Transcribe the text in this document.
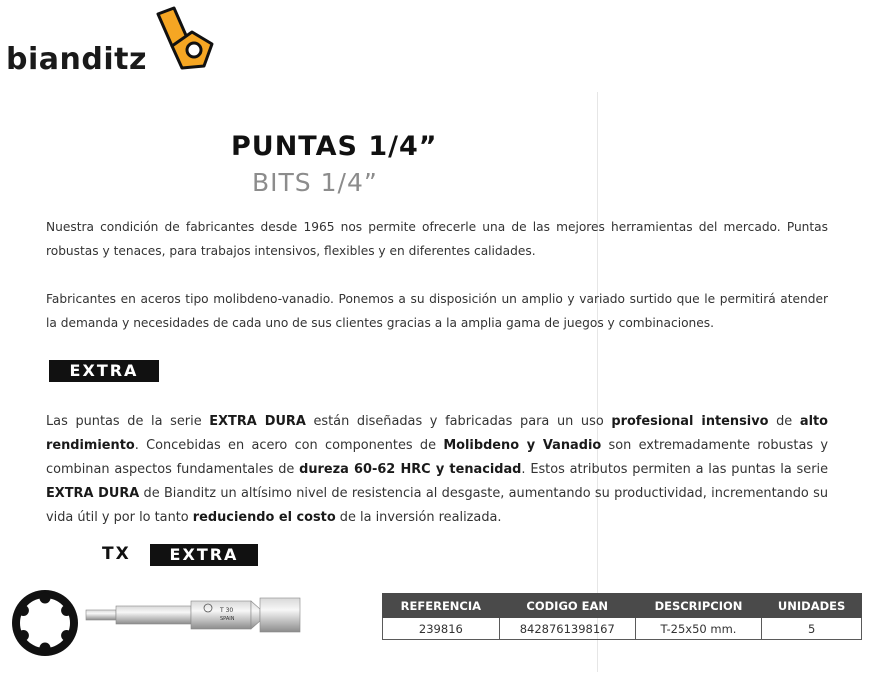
bianditz
PUNTAS 1/4”
BITS 1/4”

Nuestra condición de fabricantes desde 1965 nos permite ofrecerle una de las mejores herramientas del mercado. Puntas robustas y tenaces, para trabajos intensivos, flexibles y en diferentes calidades.

Fabricantes en aceros tipo molibdeno-vanadio. Ponemos a su disposición un amplio y variado surtido que le permitirá atender la demanda y necesidades de cada uno de sus clientes gracias a la amplia gama de juegos y combinaciones.

EXTRA

Las puntas de la serie EXTRA DURA están diseñadas y fabricadas para un uso profesional intensivo de alto rendimiento. Concebidas en acero con componentes de Molibdeno y Vanadio son extremadamente robustas y combinan aspectos fundamentales de dureza 60-62 HRC y tenacidad. Estos atributos permiten a las puntas la serie EXTRA DURA de Bianditz un altísimo nivel de resistencia al desgaste, aumentando su productividad, incrementando su vida útil y por lo tanto reduciendo el costo de la inversión realizada.

TX	EXTRA
T 30
SPAIN
REFERENCIA	CODIGO EAN	DESCRIPCION	UNIDADES
239816	8428761398167	T-25x50 mm.	5
